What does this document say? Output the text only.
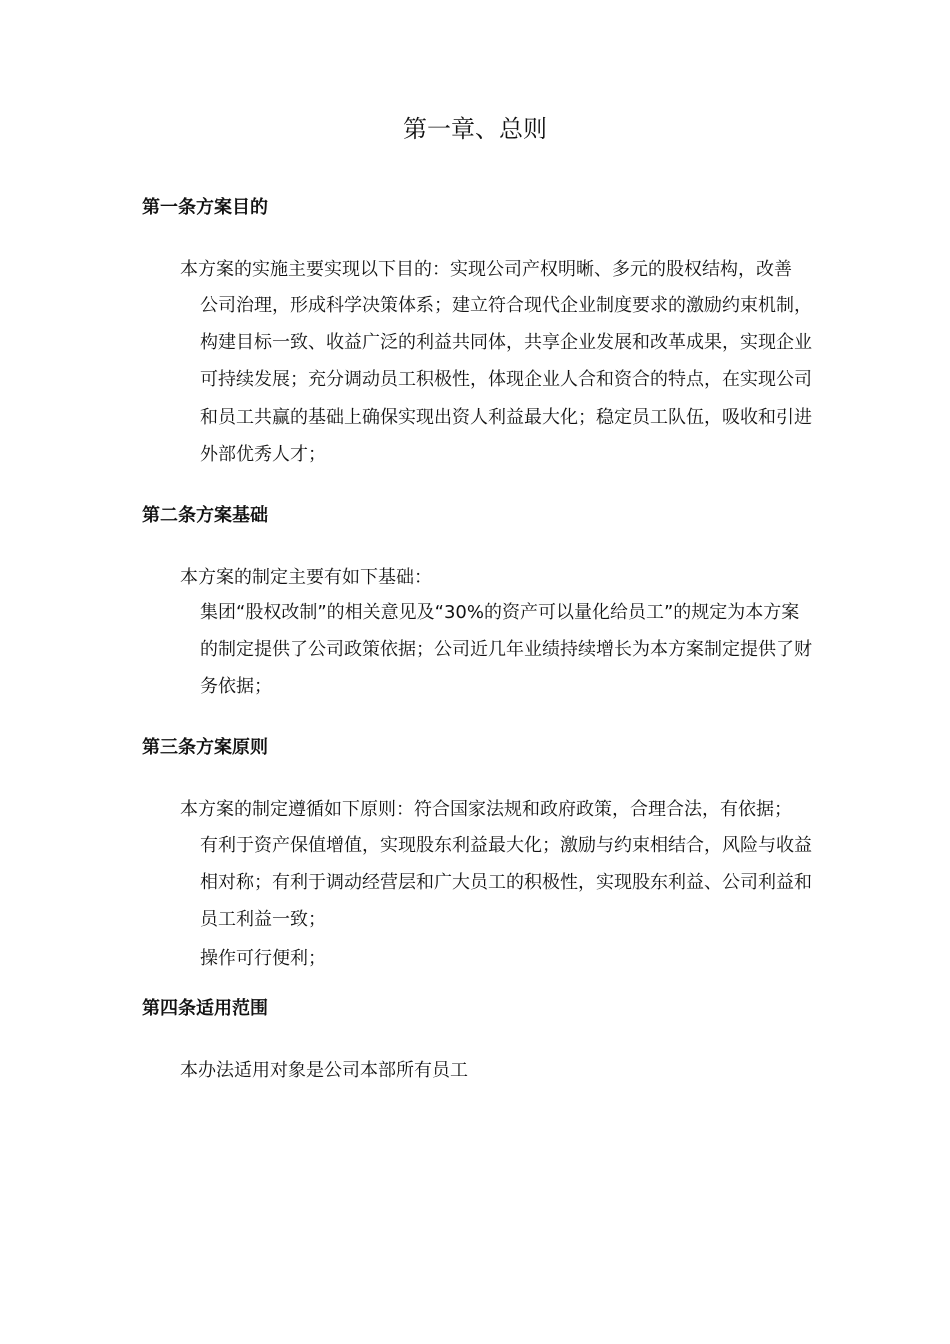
第一章、总则
第一条方案目的

本方案的实施主要实现以下目的：实现公司产权明晰、多元的股权结构，改善

公司治理，形成科学决策体系；建立符合现代企业制度要求的激励约束机制，构建目标一致、收益广泛的利益共同体，共享企业发展和改革成果，实现企业可持续发展；充分调动员工积极性，体现企业人合和资合的特点，在实现公司和员工共赢的基础上确保实现出资人利益最大化；稳定员工队伍，吸收和引进外部优秀人才；

第二条方案基础

本方案的制定主要有如下基础：

集团“股权改制”的相关意见及“30%的资产可以量化给员工”的规定为本方案的制定提供了公司政策依据；公司近几年业绩持续增长为本方案制定提供了财务依据；

第三条方案原则

本方案的制定遵循如下原则：符合国家法规和政府政策，合理合法，有依据；

有利于资产保值增值，实现股东利益最大化；激励与约束相结合，风险与收益相对称；有利于调动经营层和广大员工的积极性，实现股东利益、公司利益和员工利益一致；

操作可行便利；

第四条适用范围

本办法适用对象是公司本部所有员工
